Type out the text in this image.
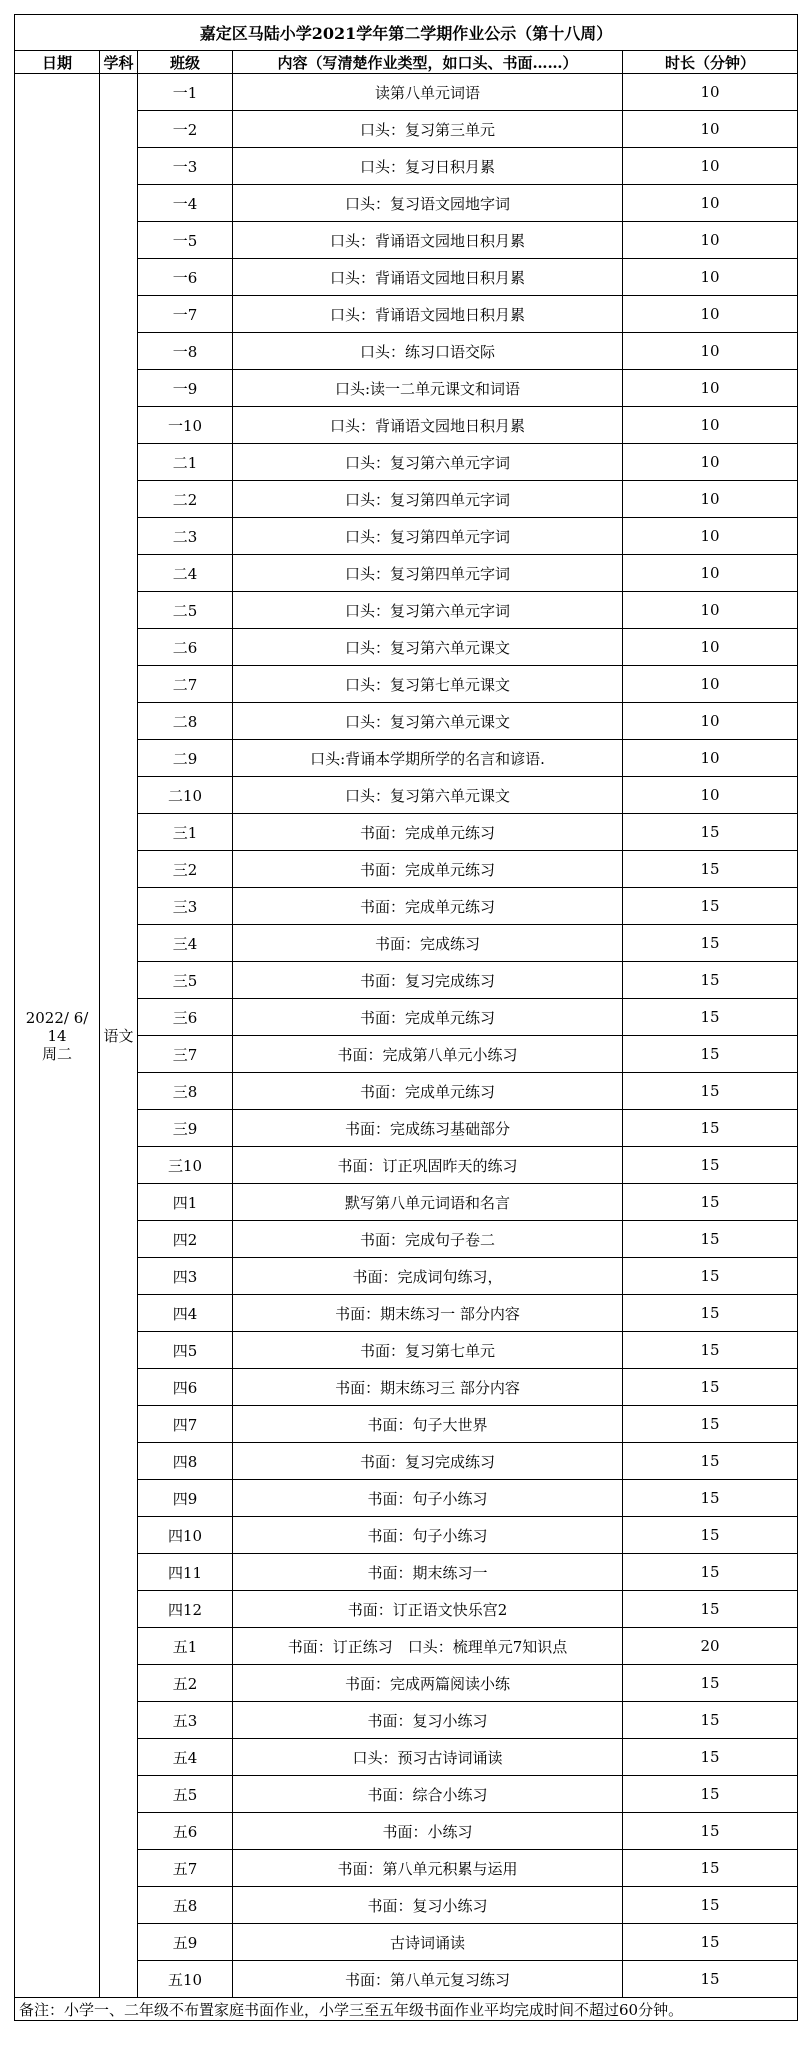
嘉定区马陆小学2021学年第二学期作业公示（第十八周）				
日期	学科	班级	内容（写清楚作业类型，如口头、书面……）	时长（分钟）

2022/ 6/ 14
周二	语文	一1	读第八单元词语	10
		一2	口头：复习第三单元	10
		一3	口头：复习日积月累	10
		一4	口头：复习语文园地字词	10
		一5	口头：背诵语文园地日积月累	10
		一6	口头：背诵语文园地日积月累	10
		一7	口头：背诵语文园地日积月累	10
		一8	口头：练习口语交际	10
		一9	口头:读一二单元课文和词语	10
		一10	口头：背诵语文园地日积月累	10
		二1	口头：复习第六单元字词	10
		二2	口头：复习第四单元字词	10
		二3	口头：复习第四单元字词	10
		二4	口头：复习第四单元字词	10
		二5	口头：复习第六单元字词	10
		二6	口头：复习第六单元课文	10
		二7	口头：复习第七单元课文	10
		二8	口头：复习第六单元课文	10
		二9	口头:背诵本学期所学的名言和谚语.	10
		二10	口头：复习第六单元课文	10
		三1	书面：完成单元练习	15
		三2	书面：完成单元练习	15
		三3	书面：完成单元练习	15
		三4	书面：完成练习	15
		三5	书面：复习完成练习	15
		三6	书面：完成单元练习	15
		三7	书面：完成第八单元小练习	15
		三8	书面：完成单元练习	15
		三9	书面：完成练习基础部分	15
		三10	书面：订正巩固昨天的练习	15
		四1	默写第八单元词语和名言	15
		四2	书面：完成句子卷二	15
		四3	书面：完成词句练习，	15
		四4	书面：期末练习一 部分内容	15
		四5	书面：复习第七单元	15
		四6	书面：期末练习三 部分内容	15
		四7	书面：句子大世界	15
		四8	书面：复习完成练习	15
		四9	书面：句子小练习	15
		四10	书面：句子小练习	15
		四11	书面：期末练习一	15
		四12	书面：订正语文快乐宫2	15
		五1	书面：订正练习　口头：梳理单元7知识点	20
		五2	书面：完成两篇阅读小练	15
		五3	书面：复习小练习	15
		五4	口头：预习古诗词诵读	15
		五5	书面：综合小练习	15
		五6	书面：小练习	15
		五7	书面：第八单元积累与运用	15
		五8	书面：复习小练习	15
		五9	古诗词诵读	15
		五10	书面：第八单元复习练习	15
备注：小学一、二年级不布置家庭书面作业，小学三至五年级书面作业平均完成时间不超过60分钟。				
